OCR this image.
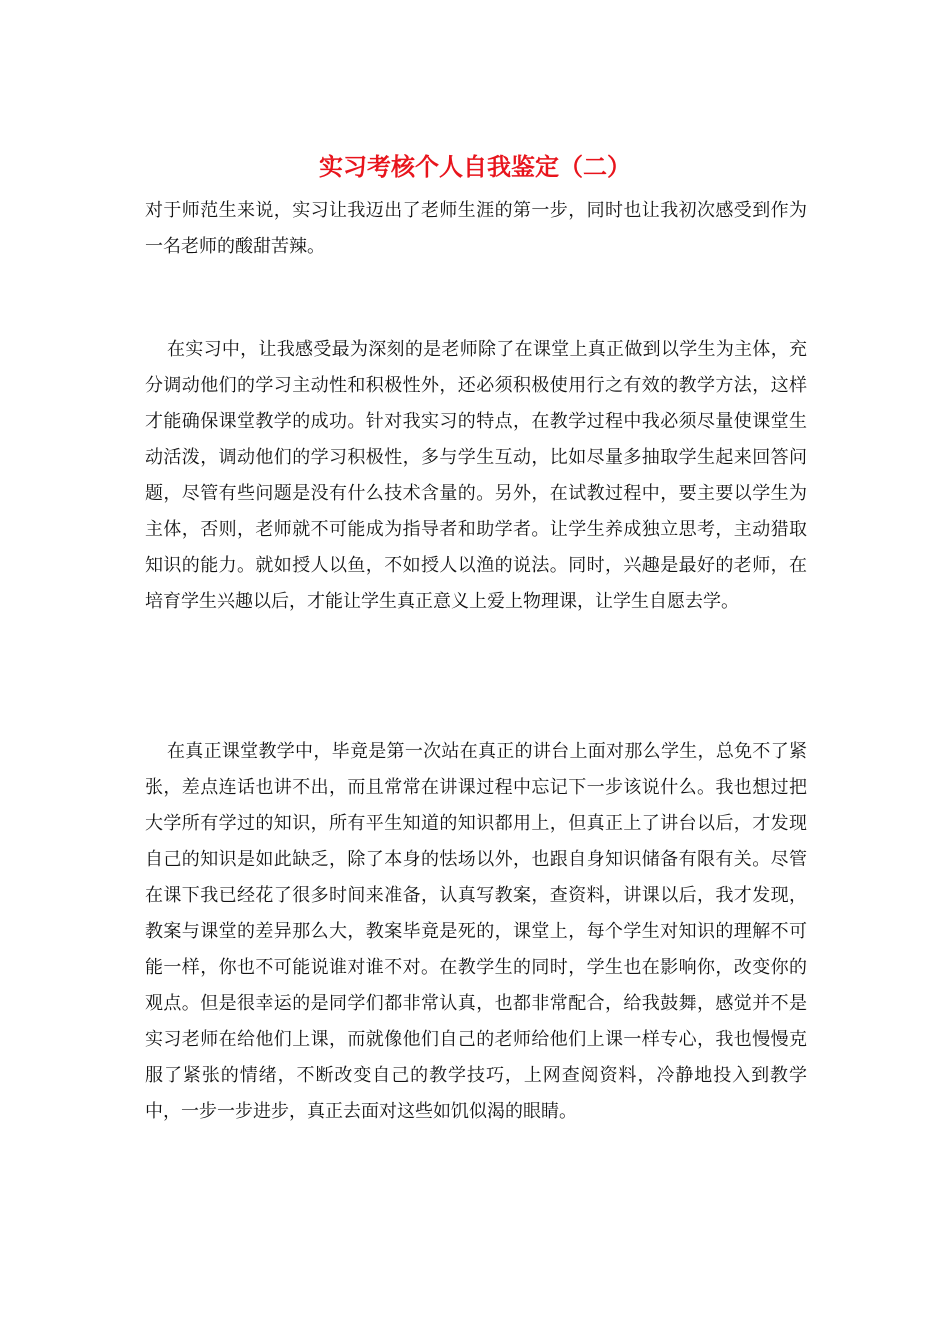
实习考核个人自我鉴定（二）

对于师范生来说，实习让我迈出了老师生涯的第一步，同时也让我初次感受到作为一名老师的酸甜苦辣。

在实习中，让我感受最为深刻的是老师除了在课堂上真正做到以学生为主体，充分调动他们的学习主动性和积极性外，还必须积极使用行之有效的教学方法，这样才能确保课堂教学的成功。针对我实习的特点，在教学过程中我必须尽量使课堂生动活泼，调动他们的学习积极性，多与学生互动，比如尽量多抽取学生起来回答问题，尽管有些问题是没有什么技术含量的。另外，在试教过程中，要主要以学生为主体，否则，老师就不可能成为指导者和助学者。让学生养成独立思考，主动猎取知识的能力。就如授人以鱼，不如授人以渔的说法。同时，兴趣是最好的老师，在培育学生兴趣以后，才能让学生真正意义上爱上物理课，让学生自愿去学。

在真正课堂教学中，毕竟是第一次站在真正的讲台上面对那么学生，总免不了紧张，差点连话也讲不出，而且常常在讲课过程中忘记下一步该说什么。我也想过把大学所有学过的知识，所有平生知道的知识都用上，但真正上了讲台以后，才发现自己的知识是如此缺乏，除了本身的怯场以外，也跟自身知识储备有限有关。尽管在课下我已经花了很多时间来准备，认真写教案，查资料，讲课以后，我才发现，教案与课堂的差异那么大，教案毕竟是死的，课堂上，每个学生对知识的理解不可能一样，你也不可能说谁对谁不对。在教学生的同时，学生也在影响你，改变你的观点。但是很幸运的是同学们都非常认真，也都非常配合，给我鼓舞，感觉并不是实习老师在给他们上课，而就像他们自己的老师给他们上课一样专心，我也慢慢克服了紧张的情绪，不断改变自己的教学技巧，上网查阅资料，冷静地投入到教学中，一步一步进步，真正去面对这些如饥似渴的眼睛。
